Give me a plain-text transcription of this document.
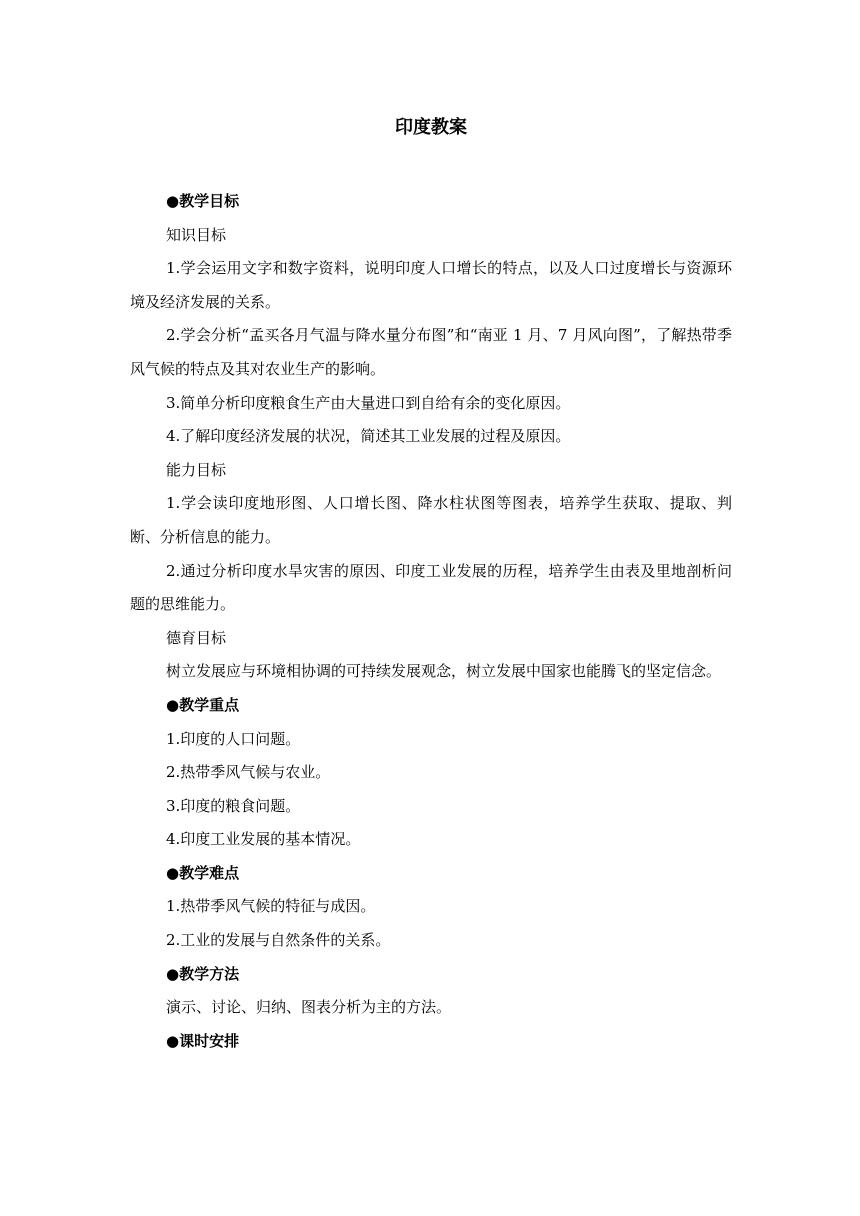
印度教案

●教学目标

知识目标

1.学会运用文字和数字资料，说明印度人口增长的特点，以及人口过度增长与资源环境及经济发展的关系。

2.学会分析“孟买各月气温与降水量分布图”和“南亚 1 月、7 月风向图”，了解热带季风气候的特点及其对农业生产的影响。

3.简单分析印度粮食生产由大量进口到自给有余的变化原因。

4.了解印度经济发展的状况，简述其工业发展的过程及原因。

能力目标

1.学会读印度地形图、人口增长图、降水柱状图等图表，培养学生获取、提取、判断、分析信息的能力。

2.通过分析印度水旱灾害的原因、印度工业发展的历程，培养学生由表及里地剖析问题的思维能力。

德育目标

树立发展应与环境相协调的可持续发展观念，树立发展中国家也能腾飞的坚定信念。

●教学重点

1.印度的人口问题。

2.热带季风气候与农业。

3.印度的粮食问题。

4.印度工业发展的基本情况。

●教学难点

1.热带季风气候的特征与成因。

2.工业的发展与自然条件的关系。

●教学方法

演示、讨论、归纳、图表分析为主的方法。

●课时安排
